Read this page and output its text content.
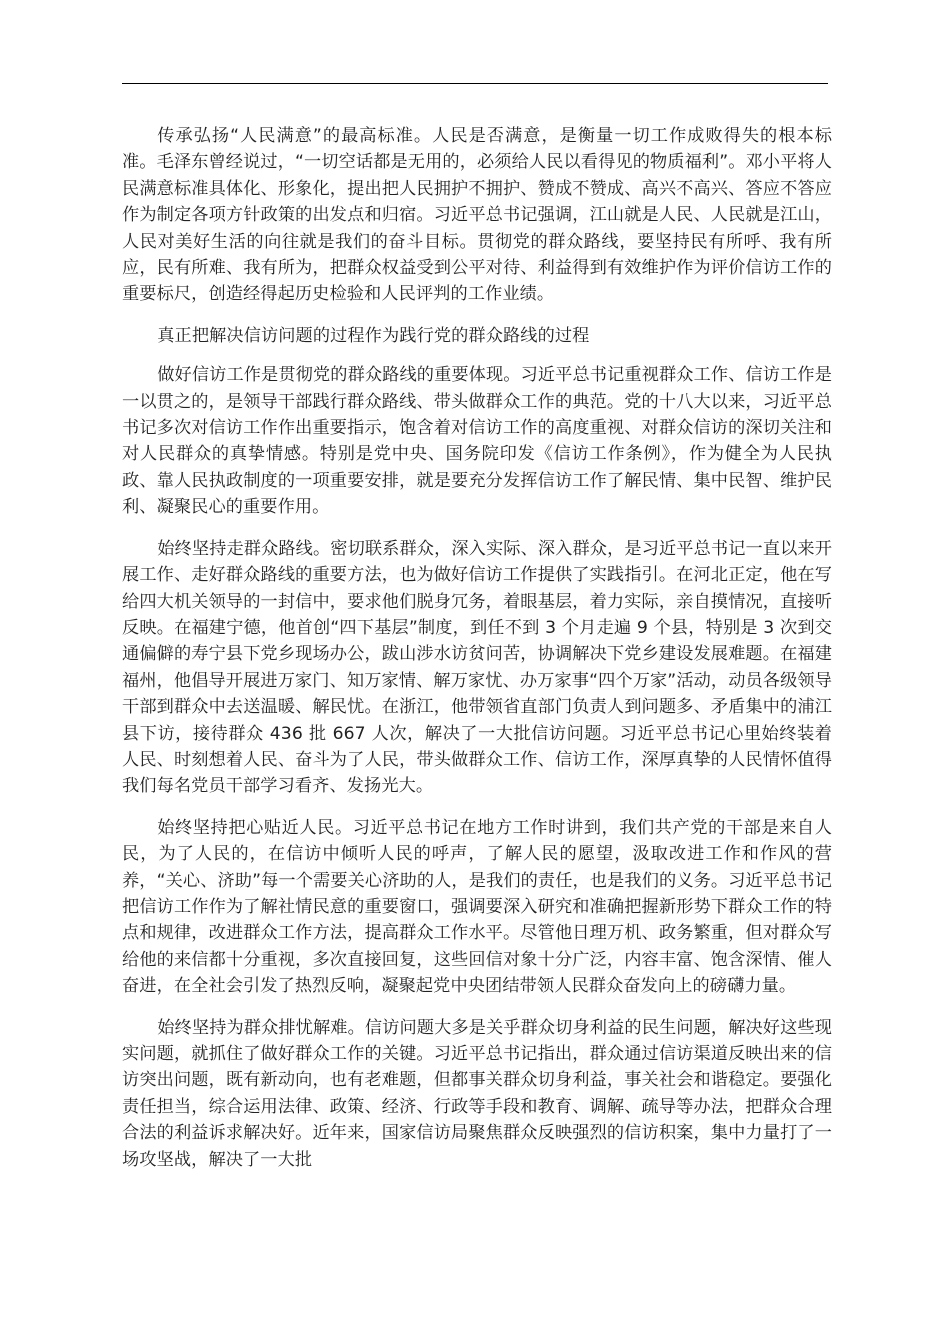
传承弘扬“人民满意”的最高标准。人民是否满意，是衡量一切工作成败得失的根本标准。毛泽东曾经说过，“一切空话都是无用的，必须给人民以看得见的物质福利”。邓小平将人民满意标准具体化、形象化，提出把人民拥护不拥护、赞成不赞成、高兴不高兴、答应不答应作为制定各项方针政策的出发点和归宿。习近平总书记强调，江山就是人民、人民就是江山，人民对美好生活的向往就是我们的奋斗目标。贯彻党的群众路线，要坚持民有所呼、我有所应，民有所难、我有所为，把群众权益受到公平对待、利益得到有效维护作为评价信访工作的重要标尺，创造经得起历史检验和人民评判的工作业绩。

真正把解决信访问题的过程作为践行党的群众路线的过程

做好信访工作是贯彻党的群众路线的重要体现。习近平总书记重视群众工作、信访工作是一以贯之的，是领导干部践行群众路线、带头做群众工作的典范。党的十八大以来，习近平总书记多次对信访工作作出重要指示，饱含着对信访工作的高度重视、对群众信访的深切关注和对人民群众的真挚情感。特别是党中央、国务院印发《信访工作条例》，作为健全为人民执政、靠人民执政制度的一项重要安排，就是要充分发挥信访工作了解民情、集中民智、维护民利、凝聚民心的重要作用。

始终坚持走群众路线。密切联系群众，深入实际、深入群众，是习近平总书记一直以来开展工作、走好群众路线的重要方法，也为做好信访工作提供了实践指引。在河北正定，他在写给四大机关领导的一封信中，要求他们脱身冗务，着眼基层，着力实际，亲自摸情况，直接听反映。在福建宁德，他首创“四下基层”制度，到任不到 3 个月走遍 9 个县，特别是 3 次到交通偏僻的寿宁县下党乡现场办公，跋山涉水访贫问苦，协调解决下党乡建设发展难题。在福建福州，他倡导开展进万家门、知万家情、解万家忧、办万家事“四个万家”活动，动员各级领导干部到群众中去送温暖、解民忧。在浙江，他带领省直部门负责人到问题多、矛盾集中的浦江县下访，接待群众 436 批 667 人次，解决了一大批信访问题。习近平总书记心里始终装着人民、时刻想着人民、奋斗为了人民，带头做群众工作、信访工作，深厚真挚的人民情怀值得我们每名党员干部学习看齐、发扬光大。

始终坚持把心贴近人民。习近平总书记在地方工作时讲到，我们共产党的干部是来自人民，为了人民的，在信访中倾听人民的呼声，了解人民的愿望，汲取改进工作和作风的营养，“关心、济助”每一个需要关心济助的人，是我们的责任，也是我们的义务。习近平总书记把信访工作作为了解社情民意的重要窗口，强调要深入研究和准确把握新形势下群众工作的特点和规律，改进群众工作方法，提高群众工作水平。尽管他日理万机、政务繁重，但对群众写给他的来信都十分重视，多次直接回复，这些回信对象十分广泛，内容丰富、饱含深情、催人奋进，在全社会引发了热烈反响，凝聚起党中央团结带领人民群众奋发向上的磅礴力量。

始终坚持为群众排忧解难。信访问题大多是关乎群众切身利益的民生问题，解决好这些现实问题，就抓住了做好群众工作的关键。习近平总书记指出，群众通过信访渠道反映出来的信访突出问题，既有新动向，也有老难题，但都事关群众切身利益，事关社会和谐稳定。要强化责任担当，综合运用法律、政策、经济、行政等手段和教育、调解、疏导等办法，把群众合理合法的利益诉求解决好。近年来，国家信访局聚焦群众反映强烈的信访积案，集中力量打了一场攻坚战，解决了一大批
